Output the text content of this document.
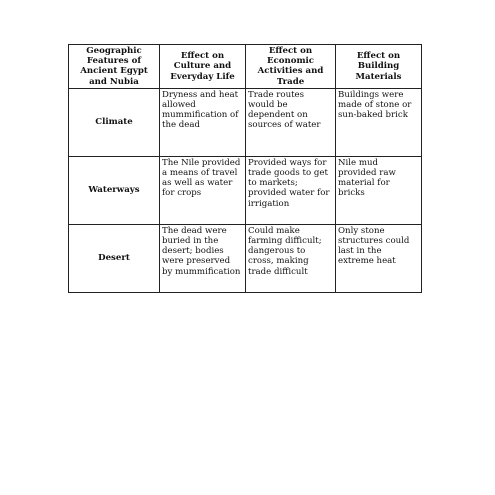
Geographic Features of Ancient Egypt and Nubia	Effect on Culture and Everyday Life	Effect on Economic Activities and Trade	Effect on Building Materials
Climate	Dryness and heat allowed mummification of the dead	Trade routes would be dependent on sources of water	Buildings were made of stone or sun-baked brick
Waterways	The Nile provided a means of travel as well as water for crops	Provided ways for trade goods to get to markets; provided water for irrigation	Nile mud provided raw material for bricks
Desert	The dead were buried in the desert; bodies were preserved by mummification	Could make farming difficult; dangerous to cross, making trade difficult	Only stone structures could last in the extreme heat
